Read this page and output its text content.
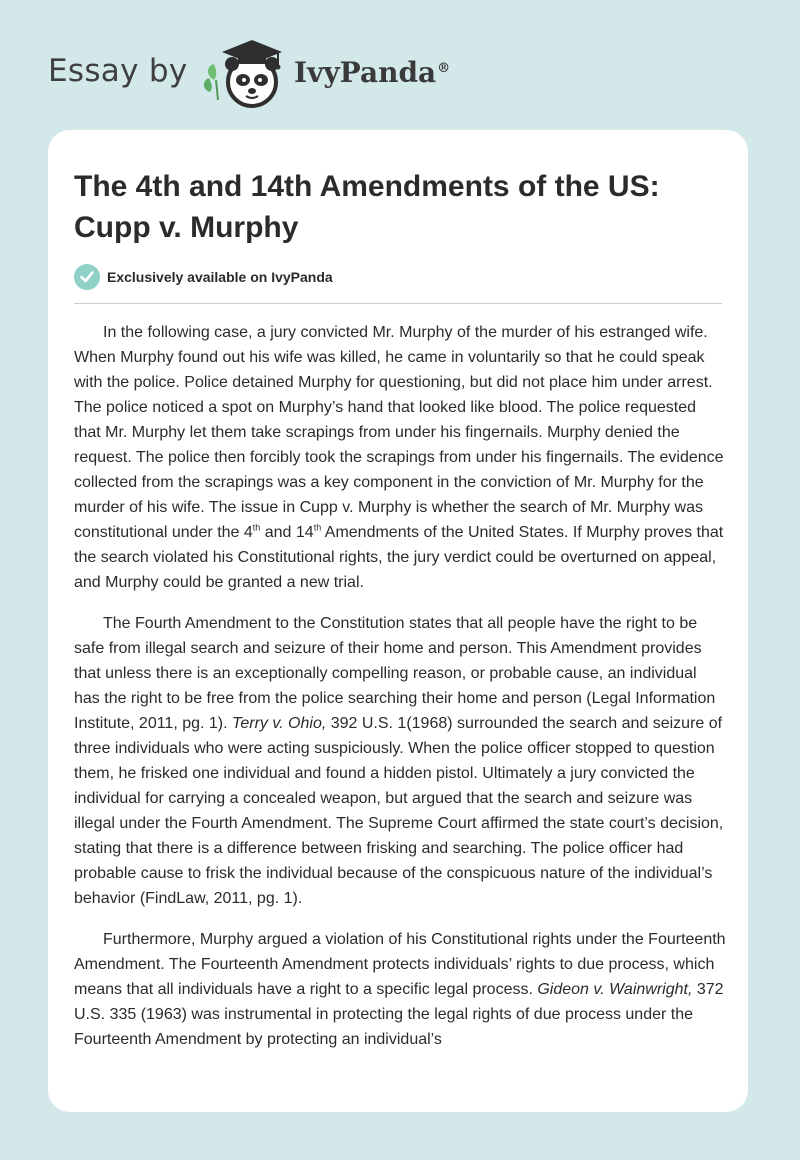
Essay by	IvyPanda®
The 4th and 14th Amendments of the US: Cupp v. Murphy
Exclusively available on IvyPanda

In the following case, a jury convicted Mr. Murphy of the murder of his estranged wife. When Murphy found out his wife was killed, he came in voluntarily so that he could speak with the police. Police detained Murphy for questioning, but did not place him under arrest. The police noticed a spot on Murphy’s hand that looked like blood. The police requested that Mr. Murphy let them take scrapings from under his fingernails. Murphy denied the request. The police then forcibly took the scrapings from under his fingernails. The evidence collected from the scrapings was a key component in the conviction of Mr. Murphy for the murder of his wife. The issue in Cupp v. Murphy is whether the search of Mr. Murphy was constitutional under the 4th and 14th Amendments of the United States. If Murphy proves that the search violated his Constitutional rights, the jury verdict could be overturned on appeal, and Murphy could be granted a new trial.

The Fourth Amendment to the Constitution states that all people have the right to be safe from illegal search and seizure of their home and person. This Amendment provides that unless there is an exceptionally compelling reason, or probable cause, an individual has the right to be free from the police searching their home and person (Legal Information Institute, 2011, pg. 1). Terry v. Ohio, 392 U.S. 1(1968) surrounded the search and seizure of three individuals who were acting suspiciously. When the police officer stopped to question them, he frisked one individual and found a hidden pistol. Ultimately a jury convicted the individual for carrying a concealed weapon, but argued that the search and seizure was illegal under the Fourth Amendment. The Supreme Court affirmed the state court’s decision, stating that there is a difference between frisking and searching. The police officer had probable cause to frisk the individual because of the conspicuous nature of the individual’s behavior (FindLaw, 2011, pg. 1).

Furthermore, Murphy argued a violation of his Constitutional rights under the Fourteenth Amendment. The Fourteenth Amendment protects individuals’ rights to due process, which means that all individuals have a right to a specific legal process. Gideon v. Wainwright, 372 U.S. 335 (1963) was instrumental in protecting the legal rights of due process under the Fourteenth Amendment by protecting an individual’s
